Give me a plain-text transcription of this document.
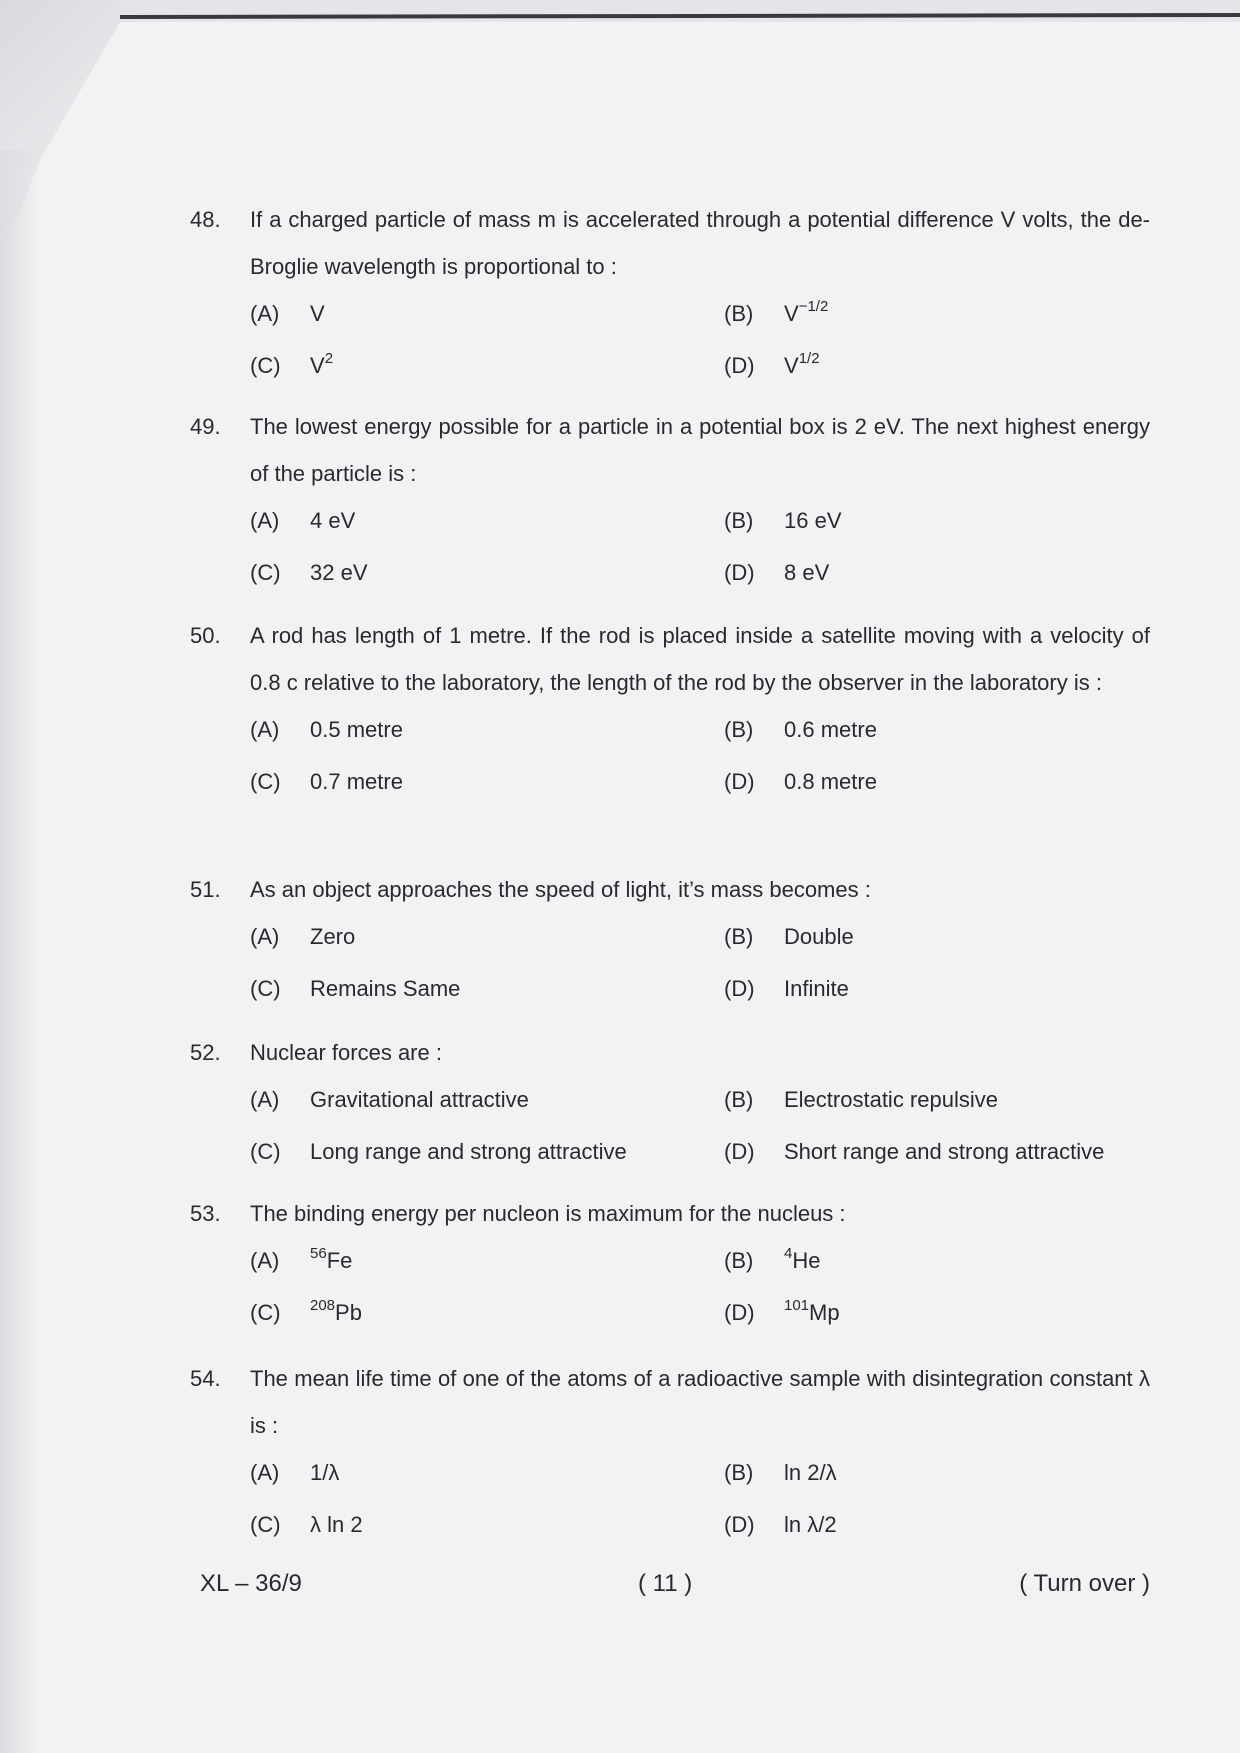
48.	If a charged particle of mass m is accelerated through a potential difference V volts, the de-Broglie wavelength is proportional to :
(A) V	(B) $V^{-1/2}$
(C) $V^2$	(D) $V^{1/2}$
49.	The lowest energy possible for a particle in a potential box is 2 eV. The next highest energy of the particle is :
(A) 4 eV	(B) 16 eV
(C) 32 eV	(D) 8 eV
50.	A rod has length of 1 metre. If the rod is placed inside a satellite moving with a velocity of 0.8 c relative to the laboratory, the length of the rod by the observer in the laboratory is :
(A) 0.5 metre	(B) 0.6 metre
(C) 0.7 metre	(D) 0.8 metre
51.	As an object approaches the speed of light, it’s mass becomes :
(A) Zero	(B) Double
(C) Remains Same	(D) Infinite
52.	Nuclear forces are :
(A) Gravitational attractive	(B) Electrostatic repulsive
(C) Long range and strong attractive	(D) Short range and strong attractive
53.	The binding energy per nucleon is maximum for the nucleus :
(A) $^{56}$Fe	(B) $^4$He
(C) $^{208}$Pb	(D) $^{101}$Mp
54.	The mean life time of one of the atoms of a radioactive sample with disintegration constant λ is :
(A) 1/λ	(B) ln 2/λ
(C) λ ln 2	(D) ln λ/2
XL – 36/9	( 11 )	( Turn over )
